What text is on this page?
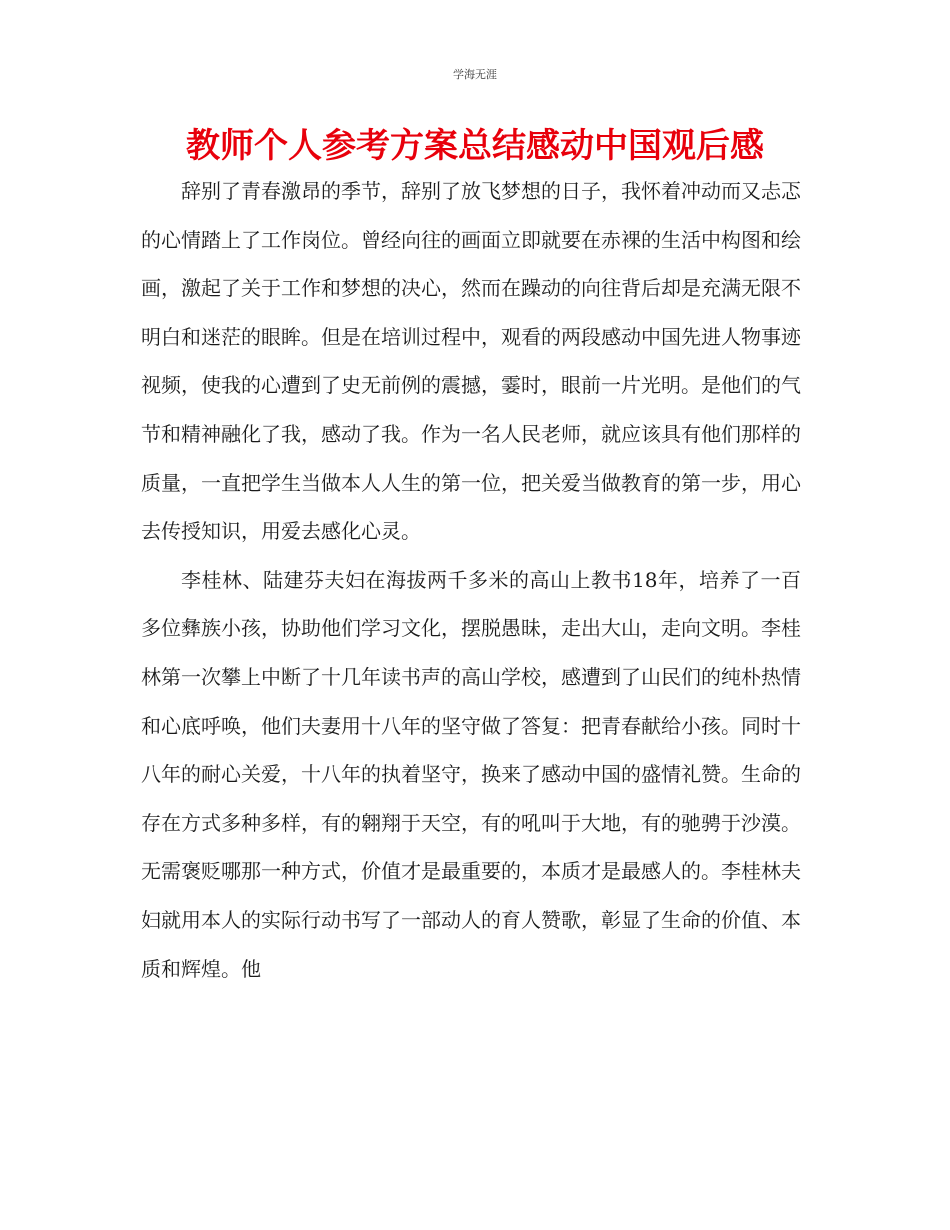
学海无涯
教师个人参考方案总结感动中国观后感

辞别了青春激昂的季节，辞别了放飞梦想的日子，我怀着冲动而又忐忑的心情踏上了工作岗位。曾经向往的画面立即就要在赤裸的生活中构图和绘画，激起了关于工作和梦想的决心，然而在躁动的向往背后却是充满无限不明白和迷茫的眼眸。但是在培训过程中，观看的两段感动中国先进人物事迹视频，使我的心遭到了史无前例的震撼，霎时，眼前一片光明。是他们的气节和精神融化了我，感动了我。作为一名人民老师，就应该具有他们那样的质量，一直把学生当做本人人生的第一位，把关爱当做教育的第一步，用心去传授知识，用爱去感化心灵。

李桂林、陆建芬夫妇在海拔两千多米的高山上教书18年，培养了一百多位彝族小孩，协助他们学习文化，摆脱愚昧，走出大山，走向文明。李桂林第一次攀上中断了十几年读书声的高山学校，感遭到了山民们的纯朴热情和心底呼唤，他们夫妻用十八年的坚守做了答复：把青春献给小孩。同时十八年的耐心关爱，十八年的执着坚守，换来了感动中国的盛情礼赞。生命的存在方式多种多样，有的翱翔于天空，有的吼叫于大地，有的驰骋于沙漠。无需褒贬哪那一种方式，价值才是最重要的，本质才是最感人的。李桂林夫妇就用本人的实际行动书写了一部动人的育人赞歌，彰显了生命的价值、本质和辉煌。他
